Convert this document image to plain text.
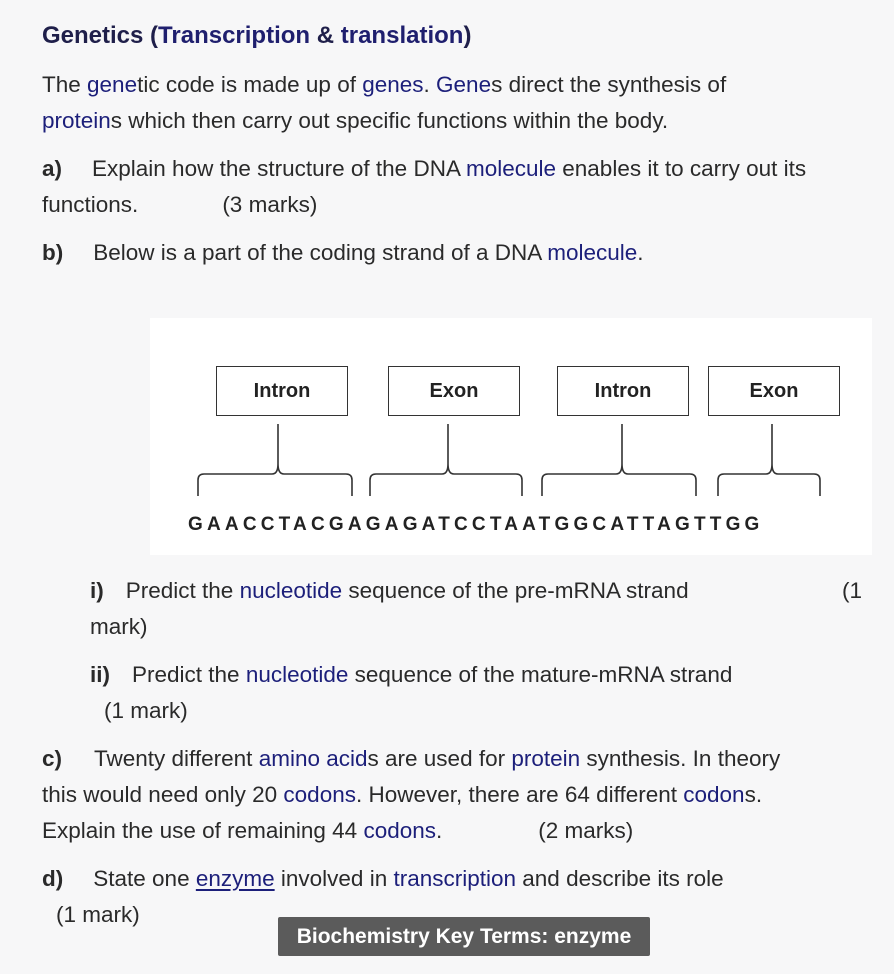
Genetics (Transcription & translation)
The genetic code is made up of genes. Genes direct the synthesis of
proteins which then carry out specific functions within the body.
a) Explain how the structure of the DNA molecule enables it to carry out its
functions.	(3 marks)
b) Below is a part of the coding strand of a DNA molecule.
Intron	Exon	Intron	Exon
GAACCTACGAGAGATCCTAATGGCATTAGTTGG
i) Predict the nucleotide sequence of the pre-mRNA strand	(1
mark)
ii) Predict the nucleotide sequence of the mature-mRNA strand
(1 mark)
c) Twenty different amino acids are used for protein synthesis. In theory
this would need only 20 codons. However, there are 64 different codons.
Explain the use of remaining 44 codons.	(2 marks)
d) State one enzyme involved in transcription and describe its role
(1 mark)
Biochemistry Key Terms: enzyme
